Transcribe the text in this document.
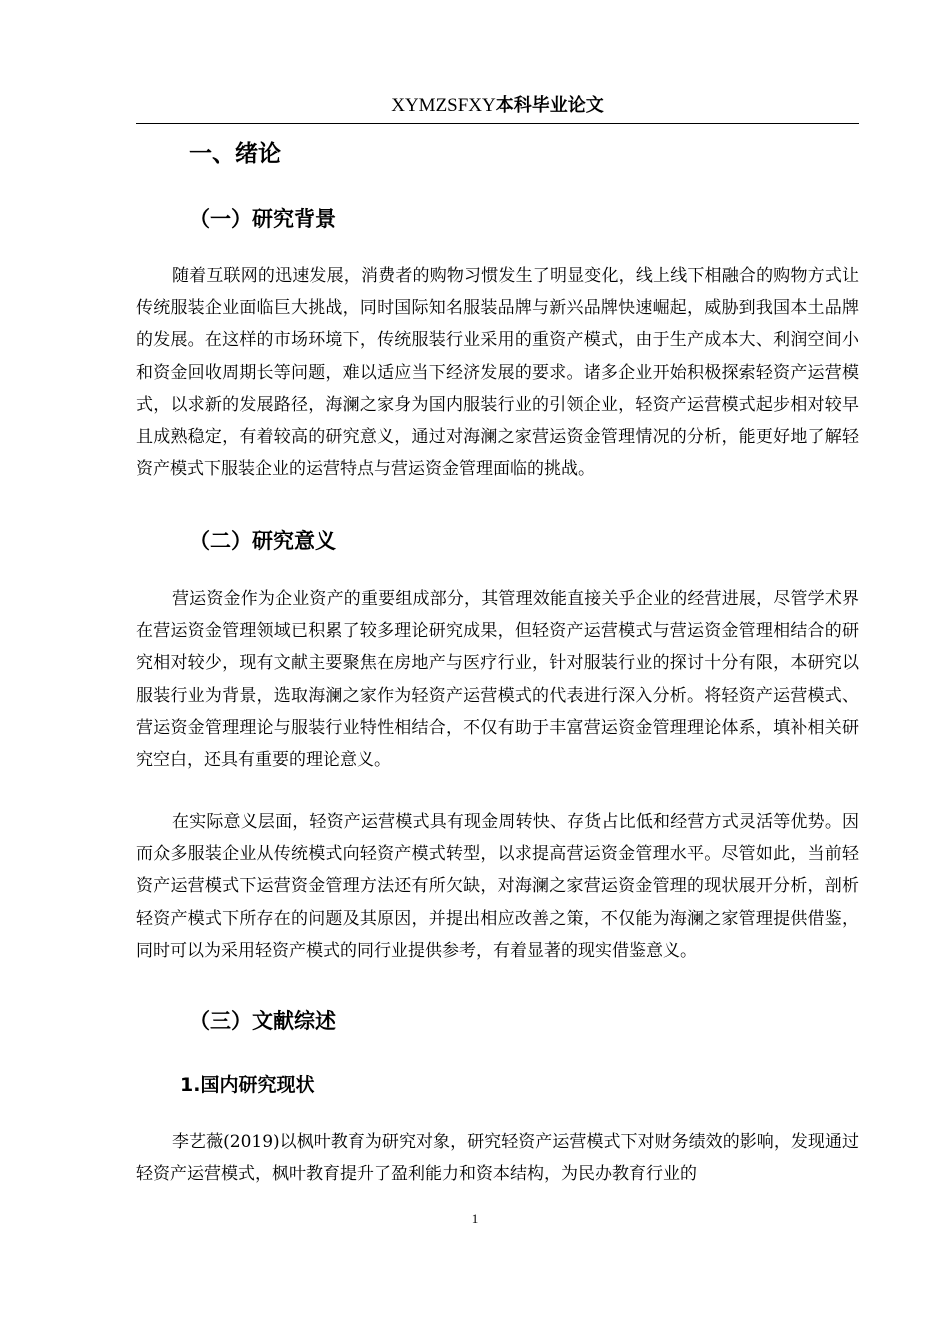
XYMZSFXY本科毕业论文
一、绪论
（一）研究背景

随着互联网的迅速发展，消费者的购物习惯发生了明显变化，线上线下相融合的购物方式让传统服装企业面临巨大挑战，同时国际知名服装品牌与新兴品牌快速崛起，威胁到我国本土品牌的发展。在这样的市场环境下，传统服装行业采用的重资产模式，由于生产成本大、利润空间小和资金回收周期长等问题，难以适应当下经济发展的要求。诸多企业开始积极探索轻资产运营模式，以求新的发展路径，海澜之家身为国内服装行业的引领企业，轻资产运营模式起步相对较早且成熟稳定，有着较高的研究意义，通过对海澜之家营运资金管理情况的分析，能更好地了解轻资产模式下服装企业的运营特点与营运资金管理面临的挑战。

（二）研究意义

营运资金作为企业资产的重要组成部分，其管理效能直接关乎企业的经营进展，尽管学术界在营运资金管理领域已积累了较多理论研究成果，但轻资产运营模式与营运资金管理相结合的研究相对较少，现有文献主要聚焦在房地产与医疗行业，针对服装行业的探讨十分有限，本研究以服装行业为背景，选取海澜之家作为轻资产运营模式的代表进行深入分析。将轻资产运营模式、营运资金管理理论与服装行业特性相结合，不仅有助于丰富营运资金管理理论体系，填补相关研究空白，还具有重要的理论意义。

在实际意义层面，轻资产运营模式具有现金周转快、存货占比低和经营方式灵活等优势。因而众多服装企业从传统模式向轻资产模式转型，以求提高营运资金管理水平。尽管如此，当前轻资产运营模式下运营资金管理方法还有所欠缺，对海澜之家营运资金管理的现状展开分析，剖析轻资产模式下所存在的问题及其原因，并提出相应改善之策，不仅能为海澜之家管理提供借鉴，同时可以为采用轻资产模式的同行业提供参考，有着显著的现实借鉴意义。

（三）文献综述
1.国内研究现状

李艺薇(2019)以枫叶教育为研究对象，研究轻资产运营模式下对财务绩效的影响，发现通过轻资产运营模式，枫叶教育提升了盈利能力和资本结构，为民办教育行业的

1
